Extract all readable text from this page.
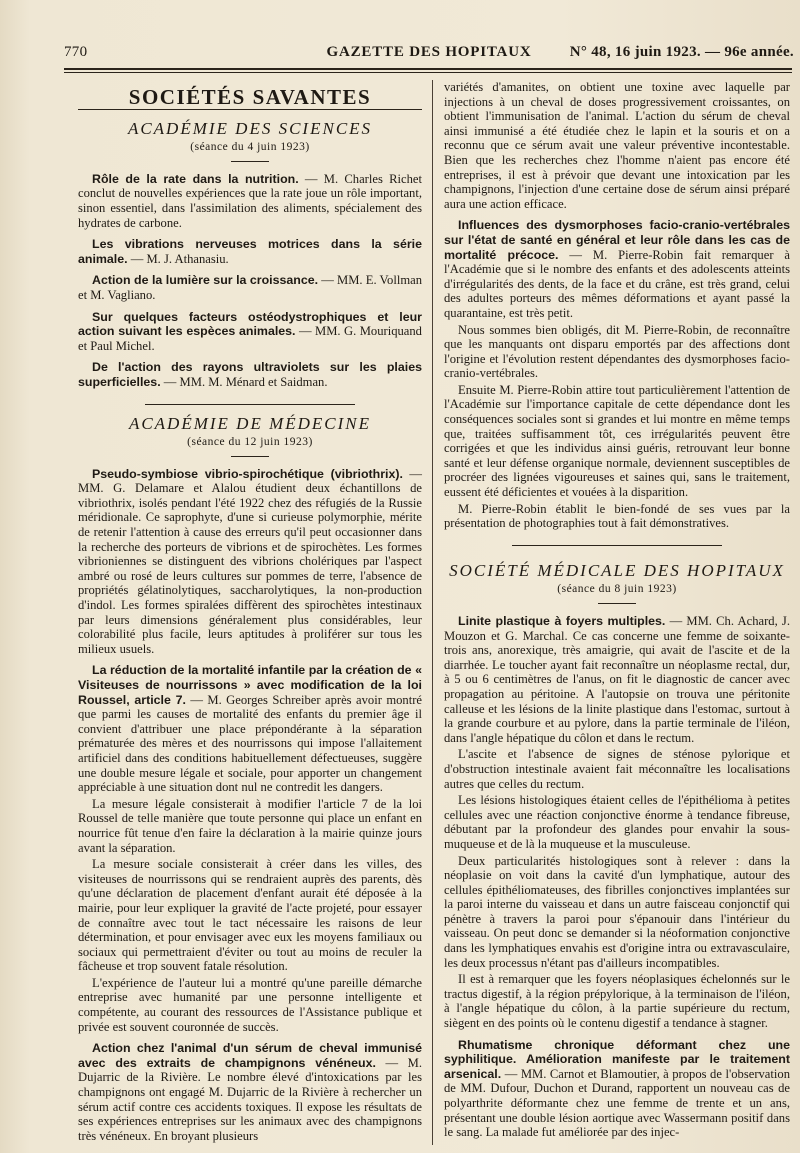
770	GAZETTE DES HOPITAUX	N° 48, 16 juin 1923. — 96e année.
SOCIÉTÉS SAVANTES
ACADÉMIE DES SCIENCES
(séance du 4 juin 1923)

Rôle de la rate dans la nutrition. — M. Charles Richet conclut de nouvelles expériences que la rate joue un rôle important, sinon essentiel, dans l'assimilation des aliments, spécialement des hydrates de carbone.

Les vibrations nerveuses motrices dans la série animale. — M. J. Athanasiu.

Action de la lumière sur la croissance. — MM. E. Vollman et M. Vagliano.

Sur quelques facteurs ostéodystrophiques et leur action suivant les espèces animales. — MM. G. Mouriquand et Paul Michel.

De l'action des rayons ultraviolets sur les plaies superficielles. — MM. M. Ménard et Saidman.

ACADÉMIE DE MÉDECINE
(séance du 12 juin 1923)

Pseudo-symbiose vibrio-spirochétique (vibriothrix). — MM. G. Delamare et Alalou étudient deux échantillons de vibriothrix, isolés pendant l'été 1922 chez des réfugiés de la Russie méridionale. Ce saprophyte, d'une si curieuse polymorphie, mérite de retenir l'attention à cause des erreurs qu'il peut occasionner dans la recherche des porteurs de vibrions et de spirochètes. Les formes vibrioniennes se distinguent des vibrions cholériques par l'aspect ambré ou rosé de leurs cultures sur pommes de terre, l'absence de propriétés gélatinolytiques, saccharolytiques, la non-production d'indol. Les formes spiralées diffèrent des spirochètes intestinaux par leurs dimensions généralement plus considérables, leur colorabilité plus facile, leurs aptitudes à proliférer sur tous les milieux usuels.

La réduction de la mortalité infantile par la création de « Visiteuses de nourrissons » avec modification de la loi Roussel, article 7. — M. Georges Schreiber après avoir montré que parmi les causes de mortalité des enfants du premier âge il convient d'attribuer une place prépondérante à la séparation prématurée des mères et des nourrissons qui impose l'allaitement artificiel dans des conditions habituellement défectueuses, suggère une double mesure légale et sociale, pour apporter un changement appréciable à une situation dont nul ne contredit les dangers.

La mesure légale consisterait à modifier l'article 7 de la loi Roussel de telle manière que toute personne qui place un enfant en nourrice fût tenue d'en faire la déclaration à la mairie quinze jours avant la séparation.

La mesure sociale consisterait à créer dans les villes, des visiteuses de nourrissons qui se rendraient auprès des parents, dès qu'une déclaration de placement d'enfant aurait été déposée à la mairie, pour leur expliquer la gravité de l'acte projeté, pour essayer de connaître avec tout le tact nécessaire les raisons de leur détermination, et pour envisager avec eux les moyens familiaux ou sociaux qui permettraient d'éviter ou tout au moins de reculer la fâcheuse et trop souvent fatale résolution.

L'expérience de l'auteur lui a montré qu'une pareille démarche entreprise avec humanité par une personne intelligente et compétente, au courant des ressources de l'Assistance publique et privée est souvent couronnée de succès.

Action chez l'animal d'un sérum de cheval immunisé avec des extraits de champignons vénéneux. — M. Dujarric de la Rivière. Le nombre élevé d'intoxications par les champignons ont engagé M. Dujarric de la Rivière à rechercher un sérum actif contre ces accidents toxiques. Il expose les résultats de ses expériences entreprises sur les animaux avec des champignons très vénéneux. En broyant plusieurs

variétés d'amanites, on obtient une toxine avec laquelle par injections à un cheval de doses progressivement croissantes, on obtient l'immunisation de l'animal. L'action du sérum de cheval ainsi immunisé a été étudiée chez le lapin et la souris et on a reconnu que ce sérum avait une valeur préventive incontestable. Bien que les recherches chez l'homme n'aient pas encore été entreprises, il est à prévoir que devant une intoxication par les champignons, l'injection d'une certaine dose de sérum ainsi préparé aura une action efficace.

Influences des dysmorphoses facio-cranio-vertébrales sur l'état de santé en général et leur rôle dans les cas de mortalité précoce. — M. Pierre-Robin fait remarquer à l'Académie que si le nombre des enfants et des adolescents atteints d'irrégularités des dents, de la face et du crâne, est très grand, celui des adultes porteurs des mêmes déformations et ayant passé la quarantaine, est très petit.

Nous sommes bien obligés, dit M. Pierre-Robin, de reconnaître que les manquants ont disparu emportés par des affections dont l'origine et l'évolution restent dépendantes des dysmorphoses facio-cranio-vertébrales.

Ensuite M. Pierre-Robin attire tout particulièrement l'attention de l'Académie sur l'importance capitale de cette dépendance dont les conséquences sociales sont si grandes et lui montre en même temps que, traitées suffisamment tôt, ces irrégularités peuvent être corrigées et que les individus ainsi guéris, retrouvant leur bonne santé et leur défense organique normale, deviennent susceptibles de procréer des lignées vigoureuses et saines qui, sans le traitement, eussent été déficientes et vouées à la disparition.

M. Pierre-Robin établit le bien-fondé de ses vues par la présentation de photographies tout à fait démonstratives.

SOCIÉTÉ MÉDICALE DES HOPITAUX
(séance du 8 juin 1923)

Linite plastique à foyers multiples. — MM. Ch. Achard, J. Mouzon et G. Marchal. Ce cas concerne une femme de soixante-trois ans, anorexique, très amaigrie, qui avait de l'ascite et de la diarrhée. Le toucher ayant fait reconnaître un néoplasme rectal, dur, à 5 ou 6 centimètres de l'anus, on fit le diagnostic de cancer avec propagation au péritoine. A l'autopsie on trouva une péritonite calleuse et les lésions de la linite plastique dans l'estomac, surtout à la grande courbure et au pylore, dans la partie terminale de l'iléon, dans l'angle hépatique du côlon et dans le rectum.

L'ascite et l'absence de signes de sténose pylorique et d'obstruction intestinale avaient fait méconnaître les localisations autres que celles du rectum.

Les lésions histologiques étaient celles de l'épithélioma à petites cellules avec une réaction conjonctive énorme à tendance fibreuse, débutant par la profondeur des glandes pour envahir la sous-muqueuse et de là la muqueuse et la musculeuse.

Deux particularités histologiques sont à relever : dans la néoplasie on voit dans la cavité d'un lymphatique, autour des cellules épithéliomateuses, des fibrilles conjonctives implantées sur la paroi interne du vaisseau et dans un autre faisceau conjonctif qui pénètre à travers la paroi pour s'épanouir dans l'intérieur du vaisseau. On peut donc se demander si la néoformation conjonctive dans les lymphatiques envahis est d'origine intra ou extravasculaire, les deux processus n'étant pas d'ailleurs incompatibles.

Il est à remarquer que les foyers néoplasiques échelonnés sur le tractus digestif, à la région prépylorique, à la terminaison de l'iléon, à l'angle hépatique du côlon, à la partie supérieure du rectum, siègent en des points où le contenu digestif a tendance à stagner.

Rhumatisme chronique déformant chez une syphilitique. Amélioration manifeste par le traitement arsenical. — MM. Carnot et Blamoutier, à propos de l'observation de MM. Dufour, Duchon et Durand, rapportent un nouveau cas de polyarthrite déformante chez une femme de trente et un ans, présentant une double lésion aortique avec Wassermann positif dans le sang. La malade fut améliorée par des injec-
